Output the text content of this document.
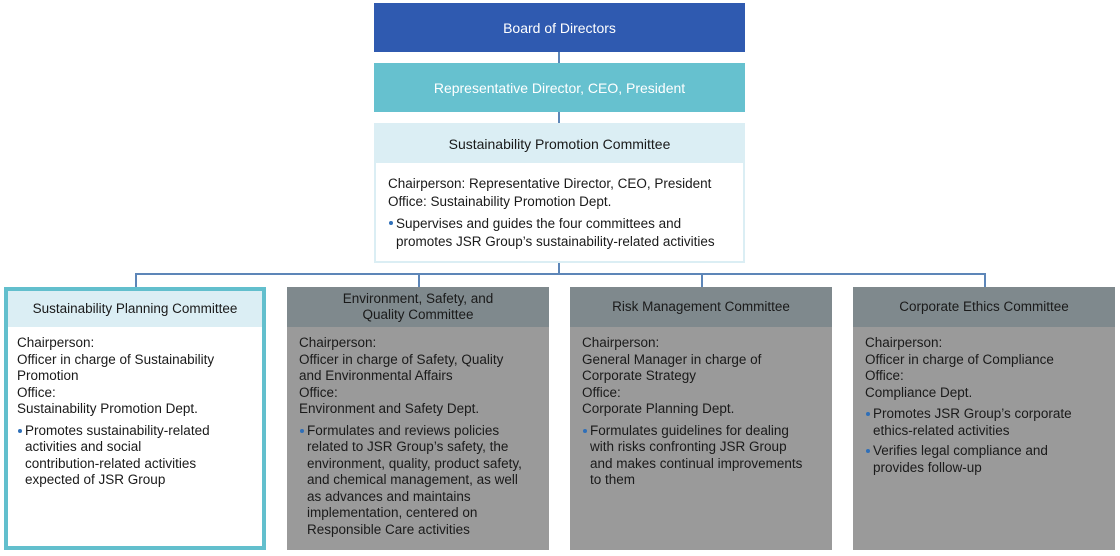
Board of Directors
Representative Director, CEO, President
Sustainability Promotion Committee
Chairperson: Representative Director, CEO, President
Office: Sustainability Promotion Dept.
Supervises and guides the four committees and
promotes JSR Group’s sustainability-related activities
Sustainability Planning Committee
Chairperson:
Officer in charge of Sustainability
Promotion
Office:
Sustainability Promotion Dept.
Promotes sustainability-related
activities and social
contribution-related activities
expected of JSR Group
Environment, Safety, and
Quality Committee
Chairperson:
Officer in charge of Safety, Quality
and Environmental Affairs
Office:
Environment and Safety Dept.
Formulates and reviews policies
related to JSR Group’s safety, the
environment, quality, product safety,
and chemical management, as well
as advances and maintains
implementation, centered on
Responsible Care activities
Risk Management Committee
Chairperson:
General Manager in charge of
Corporate Strategy
Office:
Corporate Planning Dept.
Formulates guidelines for dealing
with risks confronting JSR Group
and makes continual improvements
to them
Corporate Ethics Committee
Chairperson:
Officer in charge of Compliance
Office:
Compliance Dept.
Promotes JSR Group’s corporate
ethics-related activities
Verifies legal compliance and
provides follow-up
